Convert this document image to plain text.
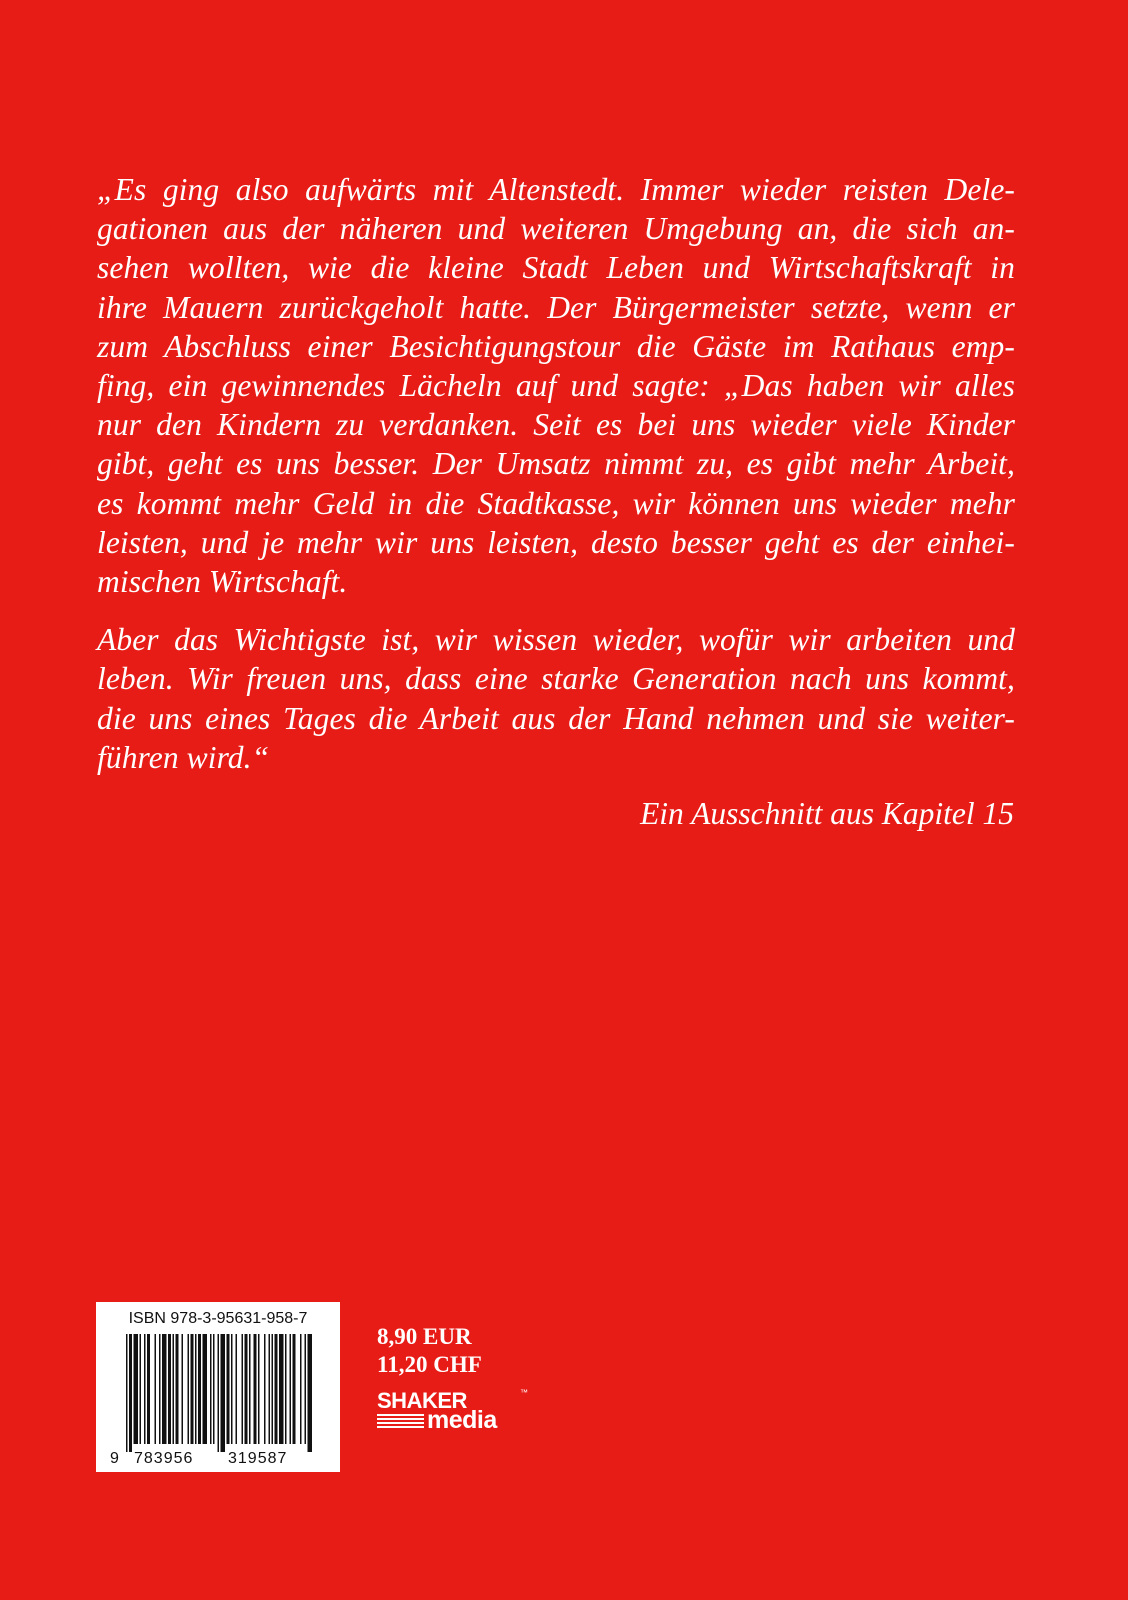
„Es ging also aufwärts mit Altenstedt. Immer wieder reisten Dele-
gationen aus der näheren und weiteren Umgebung an, die sich an-
sehen wollten, wie die kleine Stadt Leben und Wirtschaftskraft in
ihre Mauern zurückgeholt hatte. Der Bürgermeister setzte, wenn er
zum Abschluss einer Besichtigungstour die Gäste im Rathaus emp-
fing, ein gewinnendes Lächeln auf und sagte: „Das haben wir alles
nur den Kindern zu verdanken. Seit es bei uns wieder viele Kinder
gibt, geht es uns besser. Der Umsatz nimmt zu, es gibt mehr Arbeit,
es kommt mehr Geld in die Stadtkasse, wir können uns wieder mehr
leisten, und je mehr wir uns leisten, desto besser geht es der einhei-
mischen Wirtschaft.
Aber das Wichtigste ist, wir wissen wieder, wofür wir arbeiten und
leben. Wir freuen uns, dass eine starke Generation nach uns kommt,
die uns eines Tages die Arbeit aus der Hand nehmen und sie weiter-
führen wird.“
Ein Ausschnitt aus Kapitel 15
ISBN 978-3-95631-958-7
9 783956 319587
8,90 EUR
11,20 CHF
SHAKER	™
media
